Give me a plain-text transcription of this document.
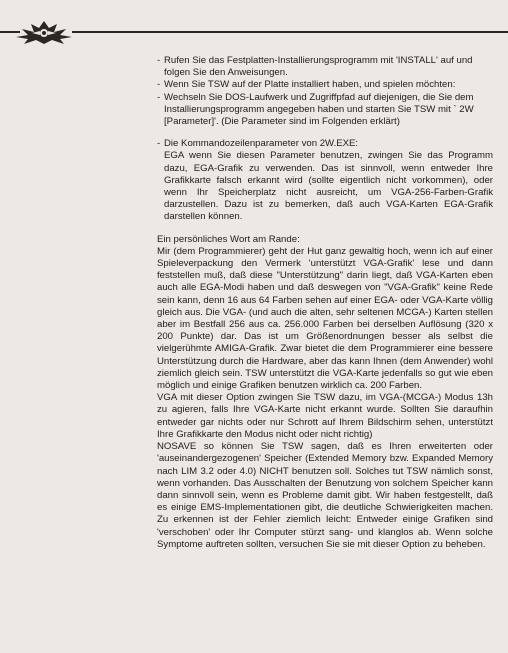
- Rufen Sie das Festplatten-Installierungsprogramm mit 'INSTALL' auf und folgen Sie den Anweisungen.
- Wenn Sie TSW auf der Platte installiert haben, und spielen möchten:
- Wechseln Sie DOS-Laufwerk und Zugriffpfad auf diejenigen, die Sie dem Installierungsprogramm angegeben haben und starten Sie TSW mit ` 2W [Parameter]'. (Die Parameter sind im Folgenden erklärt)
- Die Kommandozeilenparameter von 2W.EXE:

EGA wenn Sie diesen Parameter benutzen, zwingen Sie das Programm dazu, EGA-Grafik zu verwenden. Das ist sinnvoll, wenn entweder Ihre Grafikkarte falsch erkannt wird (sollte eigentlich nicht vorkommen), oder wenn Ihr Speicherplatz nicht ausreicht, um VGA-256-Farben-Grafik darzustellen. Dazu ist zu bemerken, daß auch VGA-Karten EGA-Grafik darstellen können.

Ein persönliches Wort am Rande:

Mir (dem Programmierer) geht der Hut ganz gewaltig hoch, wenn ich auf einer Spieleverpackung den Vermerk 'unterstützt VGA-Grafik' lese und dann feststellen muß, daß diese "Unterstützung" darin liegt, daß VGA-Karten eben auch alle EGA-Modi haben und daß deswegen von "VGA-Grafik" keine Rede sein kann, denn 16 aus 64 Farben sehen auf einer EGA- oder VGA-Karte völlig gleich aus. Die VGA- (und auch die alten, sehr seltenen MCGA-) Karten stellen aber im Bestfall 256 aus ca. 256.000 Farben bei derselben Auflösung (320 x 200 Punkte) dar. Das ist um Größenordnungen besser als selbst die vielgerühmte AMIGA-Grafik. Zwar bietet die dem Programmierer eine bessere Unterstützung durch die Hardware, aber das kann Ihnen (dem Anwender) wohl ziemlich gleich sein. TSW unterstützt die VGA-Karte jedenfalls so gut wie eben möglich und einige Grafiken benutzen wirklich ca. 200 Farben.

VGA mit dieser Option zwingen Sie TSW dazu, im VGA-(MCGA-) Modus 13h zu agieren, falls Ihre VGA-Karte nicht erkannt wurde. Sollten Sie daraufhin entweder gar nichts oder nur Schrott auf Ihrem Bildschirm sehen, unterstützt Ihre Grafikkarte den Modus nicht oder nicht richtig)

NOSAVE so können Sie TSW sagen, daß es Ihren erweiterten oder 'auseinandergezogenen' Speicher (Extended Memory bzw. Expanded Memory nach LIM 3.2 oder 4.0) NICHT benutzen soll. Solches tut TSW nämlich sonst, wenn vorhanden. Das Ausschalten der Benutzung von solchem Speicher kann dann sinnvoll sein, wenn es Probleme damit gibt. Wir haben festgestellt, daß es einige EMS-Implementationen gibt, die deutliche Schwierigkeiten machen. Zu erkennen ist der Fehler ziemlich leicht: Entweder einige Grafiken sind 'verschoben' oder Ihr Computer stürzt sang- und klanglos ab. Wenn solche Symptome auftreten sollten, versuchen Sie sie mit dieser Option zu beheben.
